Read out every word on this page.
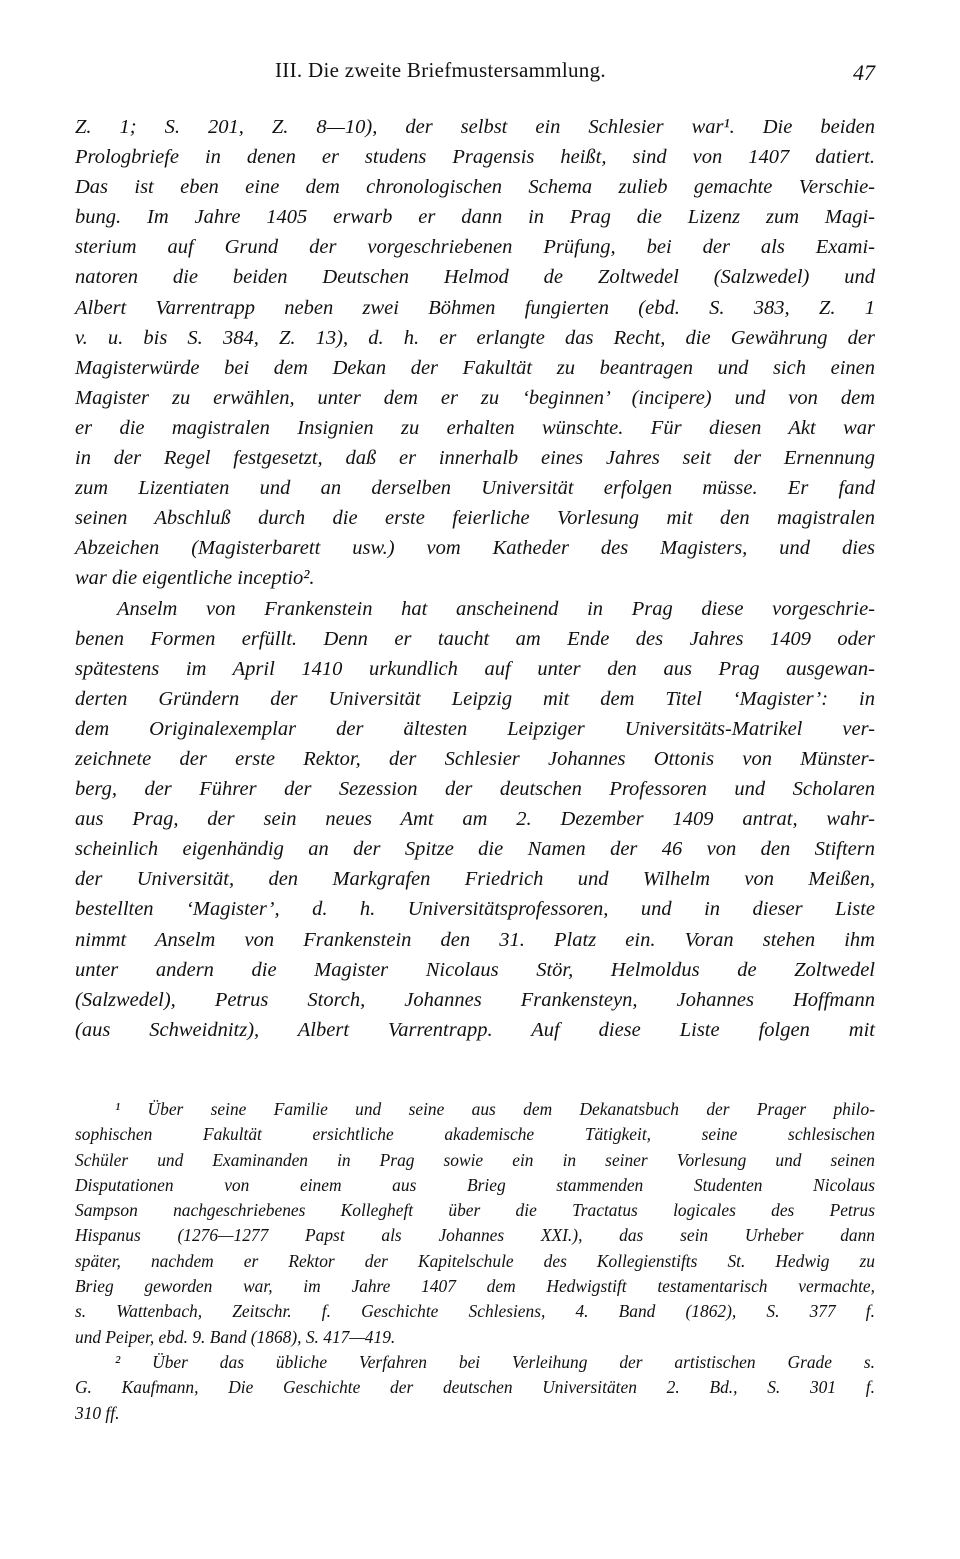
III. Die zweite Briefmustersammlung.	47
Z. 1; S. 201, Z. 8—10), der selbst ein Schlesier war¹. Die beiden
Prologbriefe in denen er studens Pragensis heißt, sind von 1407 datiert.
Das ist eben eine dem chronologischen Schema zulieb gemachte Verschie-
bung. Im Jahre 1405 erwarb er dann in Prag die Lizenz zum Magi-
sterium auf Grund der vorgeschriebenen Prüfung, bei der als Exami-
natoren die beiden Deutschen Helmod de Zoltwedel (Salzwedel) und
Albert Varrentrapp neben zwei Böhmen fungierten (ebd. S. 383, Z. 1
v. u. bis S. 384, Z. 13), d. h. er erlangte das Recht, die Gewährung der
Magisterwürde bei dem Dekan der Fakultät zu beantragen und sich einen
Magister zu erwählen, unter dem er zu ‘beginnen’ (incipere) und von dem
er die magistralen Insignien zu erhalten wünschte. Für diesen Akt war
in der Regel festgesetzt, daß er innerhalb eines Jahres seit der Ernennung
zum Lizentiaten und an derselben Universität erfolgen müsse. Er fand
seinen Abschluß durch die erste feierliche Vorlesung mit den magistralen
Abzeichen (Magisterbarett usw.) vom Katheder des Magisters, und dies
war die eigentliche inceptio².
Anselm von Frankenstein hat anscheinend in Prag diese vorgeschrie-
benen Formen erfüllt. Denn er taucht am Ende des Jahres 1409 oder
spätestens im April 1410 urkundlich auf unter den aus Prag ausgewan-
derten Gründern der Universität Leipzig mit dem Titel ‘Magister’: in
dem Originalexemplar der ältesten Leipziger Universitäts-Matrikel ver-
zeichnete der erste Rektor, der Schlesier Johannes Ottonis von Münster-
berg, der Führer der Sezession der deutschen Professoren und Scholaren
aus Prag, der sein neues Amt am 2. Dezember 1409 antrat, wahr-
scheinlich eigenhändig an der Spitze die Namen der 46 von den Stiftern
der Universität, den Markgrafen Friedrich und Wilhelm von Meißen,
bestellten ‘Magister’, d. h. Universitätsprofessoren, und in dieser Liste
nimmt Anselm von Frankenstein den 31. Platz ein. Voran stehen ihm
unter andern die Magister Nicolaus Stör, Helmoldus de Zoltwedel
(Salzwedel), Petrus Storch, Johannes Frankensteyn, Johannes Hoffmann
(aus Schweidnitz), Albert Varrentrapp. Auf diese Liste folgen mit
¹ Über seine Familie und seine aus dem Dekanatsbuch der Prager philo-
sophischen Fakultät ersichtliche akademische Tätigkeit, seine schlesischen
Schüler und Examinanden in Prag sowie ein in seiner Vorlesung und seinen
Disputationen von einem aus Brieg stammenden Studenten Nicolaus
Sampson nachgeschriebenes Kollegheft über die Tractatus logicales des Petrus
Hispanus (1276—1277 Papst als Johannes XXI.), das sein Urheber dann
später, nachdem er Rektor der Kapitelschule des Kollegienstifts St. Hedwig zu
Brieg geworden war, im Jahre 1407 dem Hedwigstift testamentarisch vermachte,
s. Wattenbach, Zeitschr. f. Geschichte Schlesiens, 4. Band (1862), S. 377 f.
und Peiper, ebd. 9. Band (1868), S. 417—419.
² Über das übliche Verfahren bei Verleihung der artistischen Grade s.
G. Kaufmann, Die Geschichte der deutschen Universitäten 2. Bd., S. 301 f.
310 ff.
